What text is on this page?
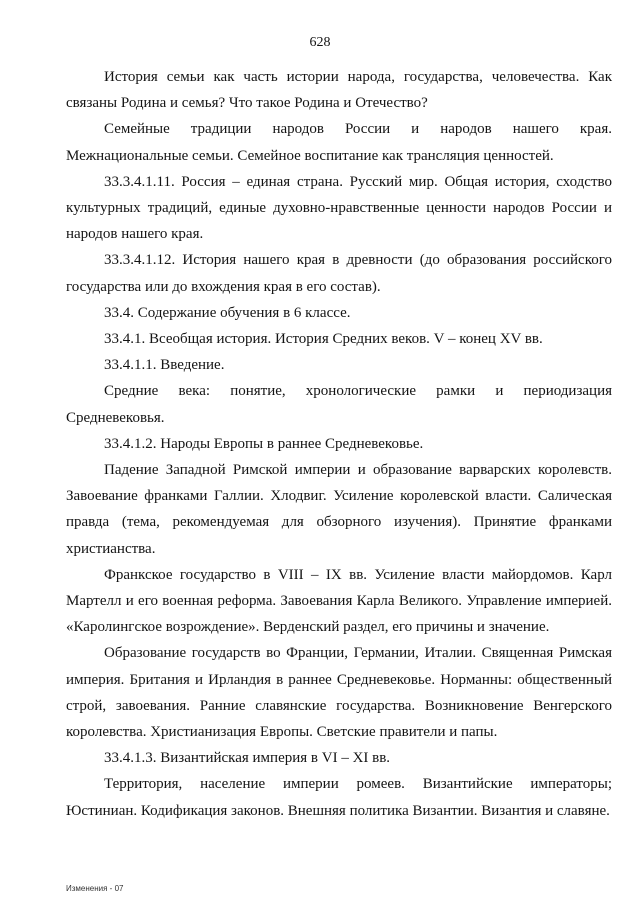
628

История семьи как часть истории народа, государства, человечества. Как связаны Родина и семья? Что такое Родина и Отечество?

Семейные традиции народов России и народов нашего края. Межнациональные семьи. Семейное воспитание как трансляция ценностей.

33.3.4.1.11. Россия – единая страна. Русский мир. Общая история, сходство культурных традиций, единые духовно-нравственные ценности народов России и народов нашего края.

33.3.4.1.12. История нашего края в древности (до образования российского государства или до вхождения края в его состав).

33.4. Содержание обучения в 6 классе.

33.4.1. Всеобщая история. История Средних веков. V – конец XV вв.

33.4.1.1. Введение.

Средние века: понятие, хронологические рамки и периодизация Средневековья.

33.4.1.2. Народы Европы в раннее Средневековье.

Падение Западной Римской империи и образование варварских королевств. Завоевание франками Галлии. Хлодвиг. Усиление королевской власти. Салическая правда (тема, рекомендуемая для обзорного изучения). Принятие франками христианства.

Франкское государство в VIII – IX вв. Усиление власти майордомов. Карл Мартелл и его военная реформа. Завоевания Карла Великого. Управление империей. «Каролингское возрождение». Верденский раздел, его причины и значение.

Образование государств во Франции, Германии, Италии. Священная Римская империя. Британия и Ирландия в раннее Средневековье. Норманны: общественный строй, завоевания. Ранние славянские государства. Возникновение Венгерского королевства. Христианизация Европы. Светские правители и папы.

33.4.1.3. Византийская империя в VI – XI вв.

Территория, население империи ромеев. Византийские императоры; Юстиниан. Кодификация законов. Внешняя политика Византии. Византия и славяне.

Изменения - 07
